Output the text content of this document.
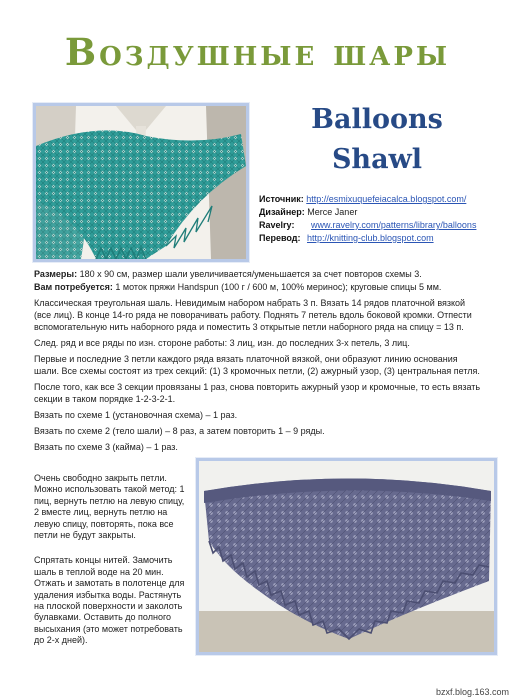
Воздушные шары
Balloons
Shawl
Источник: http://esmixuquefeiacalca.blogspot.com/
Дизайнер: Merce Janer
Ravelry: www.ravelry.com/patterns/library/balloons
Перевод: http://knitting-club.blogspot.com

Размеры: 180 х 90 см, размер шали увеличивается/уменьшается за счет повторов схемы 3.

Вам потребуется: 1 моток пряжи Handspun (100 г / 600 м, 100% меринос); круговые спицы 5 мм.

Классическая треугольная шаль. Невидимым набором набрать 3 п. Вязать 14 рядов платочной вязкой (все лиц). В конце 14-го ряда не поворачивать работу. Поднять 7 петель вдоль боковой кромки. Отпести вспомогательную нить наборного ряда и поместить 3 открытые петли наборного ряда на спицу = 13 п.

След. ряд и все ряды по изн. стороне работы: 3 лиц, изн. до последних 3-х петель, 3 лиц.

Первые и последние 3 петли каждого ряда вязать платочной вязкой, они образуют линию основания шали. Все схемы состоят из трех секций: (1) 3 кромочных петли, (2) ажурный узор, (3) центральная петля.

После того, как все 3 секции провязаны 1 раз, снова повторить ажурный узор и кромочные, то есть вязать секции в таком порядке 1-2-3-2-1.

Вязать по схеме 1 (установочная схема) – 1 раз.

Вязать по схеме 2 (тело шали) – 8 раз, а затем повторить 1 – 9 ряды.

Вязать по схеме 3 (кайма) – 1 раз.

Очень свободно закрыть петли. Можно использовать такой метод: 1 пиц, вернуть петлю на левую спицу, 2 вместе лиц, вернуть петлю на левую спицу, повторять, пока все петли не будут закрыты.

Спрятать концы нитей. Замочить шаль в теплой воде на 20 мин. Отжать и замотать в полотенце для удаления избытка воды. Растянуть на плоской поверхности и заколоть булавками. Оставить до полного высыхания (это может потребовать до 2-х дней).

bzxf.blog.163.com
